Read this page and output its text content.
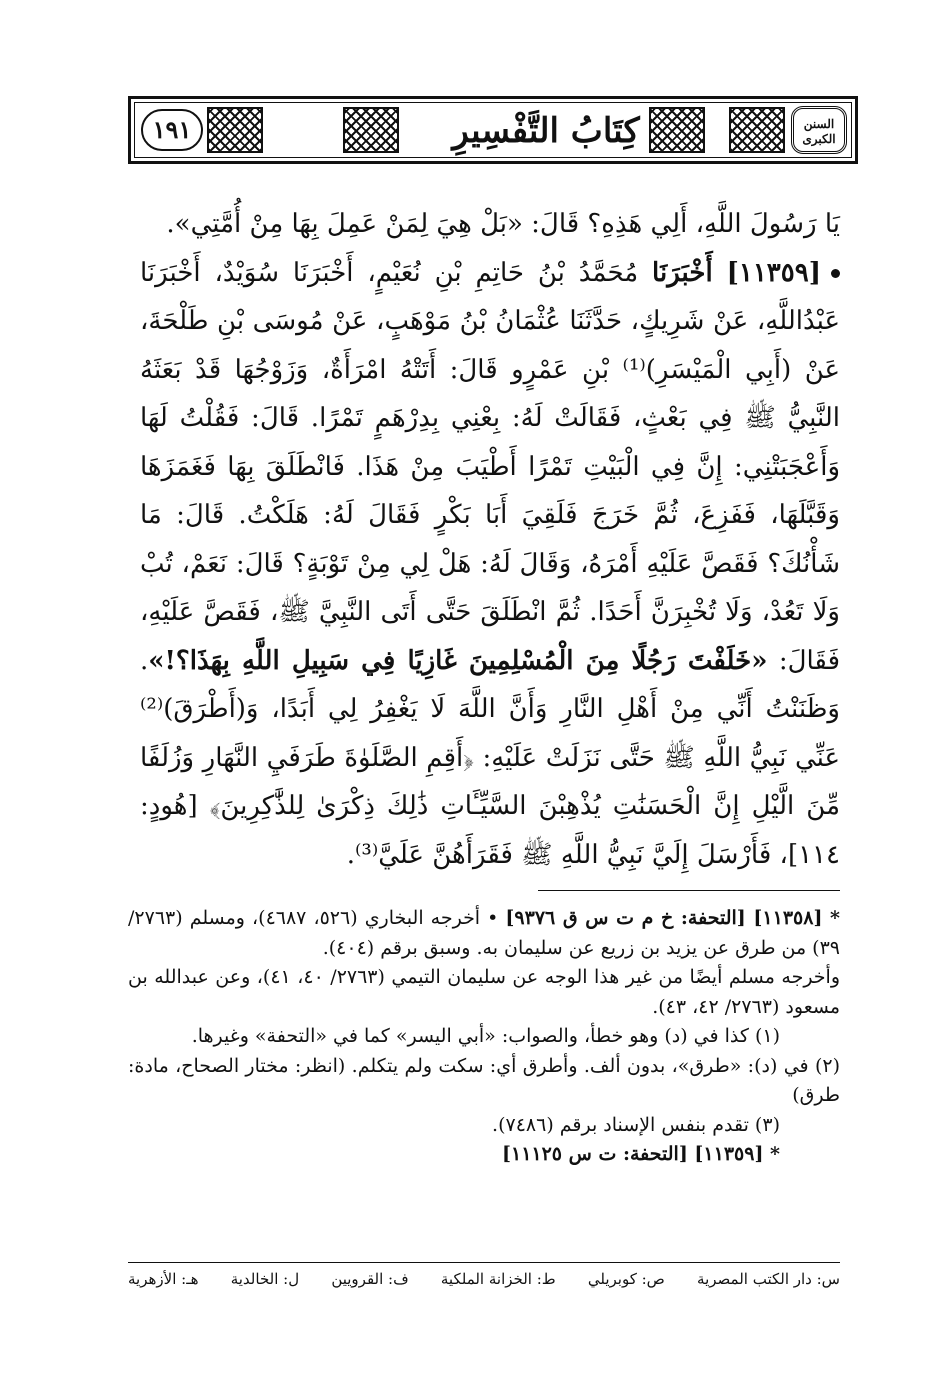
١٩١	كِتَابُ التَّفْسِيرِ	السنن الكبرى

يَا رَسُولَ اللَّهِ، أَلِي هَذِهِ؟ قَالَ: «بَلْ هِيَ لِمَنْ عَمِلَ بِهَا مِنْ أُمَّتِي».

[١١٣٥٩] أَخْبَرَنَا مُحَمَّدُ بْنُ حَاتِمِ بْنِ نُعَيْمٍ، أَخْبَرَنَا سُوَيْدٌ، أَخْبَرَنَا عَبْدُاللَّهِ، عَنْ شَرِيكٍ، حَدَّثَنَا عُثْمَانُ بْنُ مَوْهَبٍ، عَنْ مُوسَى بْنِ طَلْحَةَ، عَنْ (أَبِي الْمَيْسَرِ)⁽¹⁾ بْنِ عَمْرٍو قَالَ: أَتَتْهُ امْرَأَةٌ، وَزَوْجُهَا قَدْ بَعَثَهُ النَّبِيُّ ﷺ فِي بَعْثٍ، فَقَالَتْ لَهُ: بِعْنِي بِدِرْهَمٍ تَمْرًا. قَالَ: فَقُلْتُ لَهَا وَأَعْجَبَتْنِي: إِنَّ فِي الْبَيْتِ تَمْرًا أَطْيَبَ مِنْ هَذَا. فَانْطَلَقَ بِهَا فَغَمَزَهَا وَقَبَّلَهَا، فَفَزِعَ، ثُمَّ خَرَجَ فَلَقِيَ أَبَا بَكْرٍ فَقَالَ لَهُ: هَلَكْتُ. قَالَ: مَا شَأْنُكَ؟ فَقَصَّ عَلَيْهِ أَمْرَهُ، وَقَالَ لَهُ: هَلْ لِي مِنْ تَوْبَةٍ؟ قَالَ: نَعَمْ، تُبْ وَلَا تَعُدْ، وَلَا تُخْبِرَنَّ أَحَدًا. ثُمَّ انْطَلَقَ حَتَّى أَتَى النَّبِيَّ ﷺ، فَقَصَّ عَلَيْهِ، فَقَالَ: «خَلَفْتَ رَجُلًا مِنَ الْمُسْلِمِينَ غَازِيًا فِي سَبِيلِ اللَّهِ بِهَذَا؟!». وَظَنَنْتُ أَنِّي مِنْ أَهْلِ النَّارِ وَأَنَّ اللَّهَ لَا يَغْفِرُ لِي أَبَدًا، وَ(أَطْرَقَ)⁽²⁾ عَنِّي نَبِيُّ اللَّهِ ﷺ حَتَّى نَزَلَتْ عَلَيْهِ: ﴿أَقِمِ الصَّلَوٰةَ طَرَفَيِ النَّهَارِ وَزُلَفًا مِّنَ الَّيْلِ إِنَّ الْحَسَنَٰتِ يُذْهِبْنَ السَّيِّـَٔاتِ ذَٰلِكَ ذِكْرَىٰ لِلذَّٰكِرِينَ﴾ [هُودٍ: ١١٤]، فَأَرْسَلَ إِلَيَّ نَبِيُّ اللَّهِ ﷺ فَقَرَأَهُنَّ عَلَيَّ⁽³⁾.

* [١١٣٥٨] [التحفة: خ م ت س ق ٩٣٧٦] • أخرجه البخاري (٥٢٦، ٤٦٨٧)، ومسلم (٢٧٦٣/ ٣٩) من طرق عن يزيد بن زريع عن سليمان به. وسبق برقم (٤٠٤).

وأخرجه مسلم أيضًا من غير هذا الوجه عن سليمان التيمي (٢٧٦٣/ ٤٠، ٤١)، وعن عبدالله بن مسعود (٢٧٦٣/ ٤٢، ٤٣).

(١) كذا في (د) وهو خطأ، والصواب: «أبي اليسر» كما في «التحفة» وغيرها.

(٢) في (د): «طرق»، بدون ألف. وأطرق أي: سكت ولم يتكلم. (انظر: مختار الصحاح، مادة: طرق)

(٣) تقدم بنفس الإسناد برقم (٧٤٨٦).

* [١١٣٥٩] [التحفة: ت س ١١١٢٥]

س: دار الكتب المصرية
ص: كوبريلي
ط: الخزانة الملكية
ف: القرويين
ل: الخالدية
هـ: الأزهرية
